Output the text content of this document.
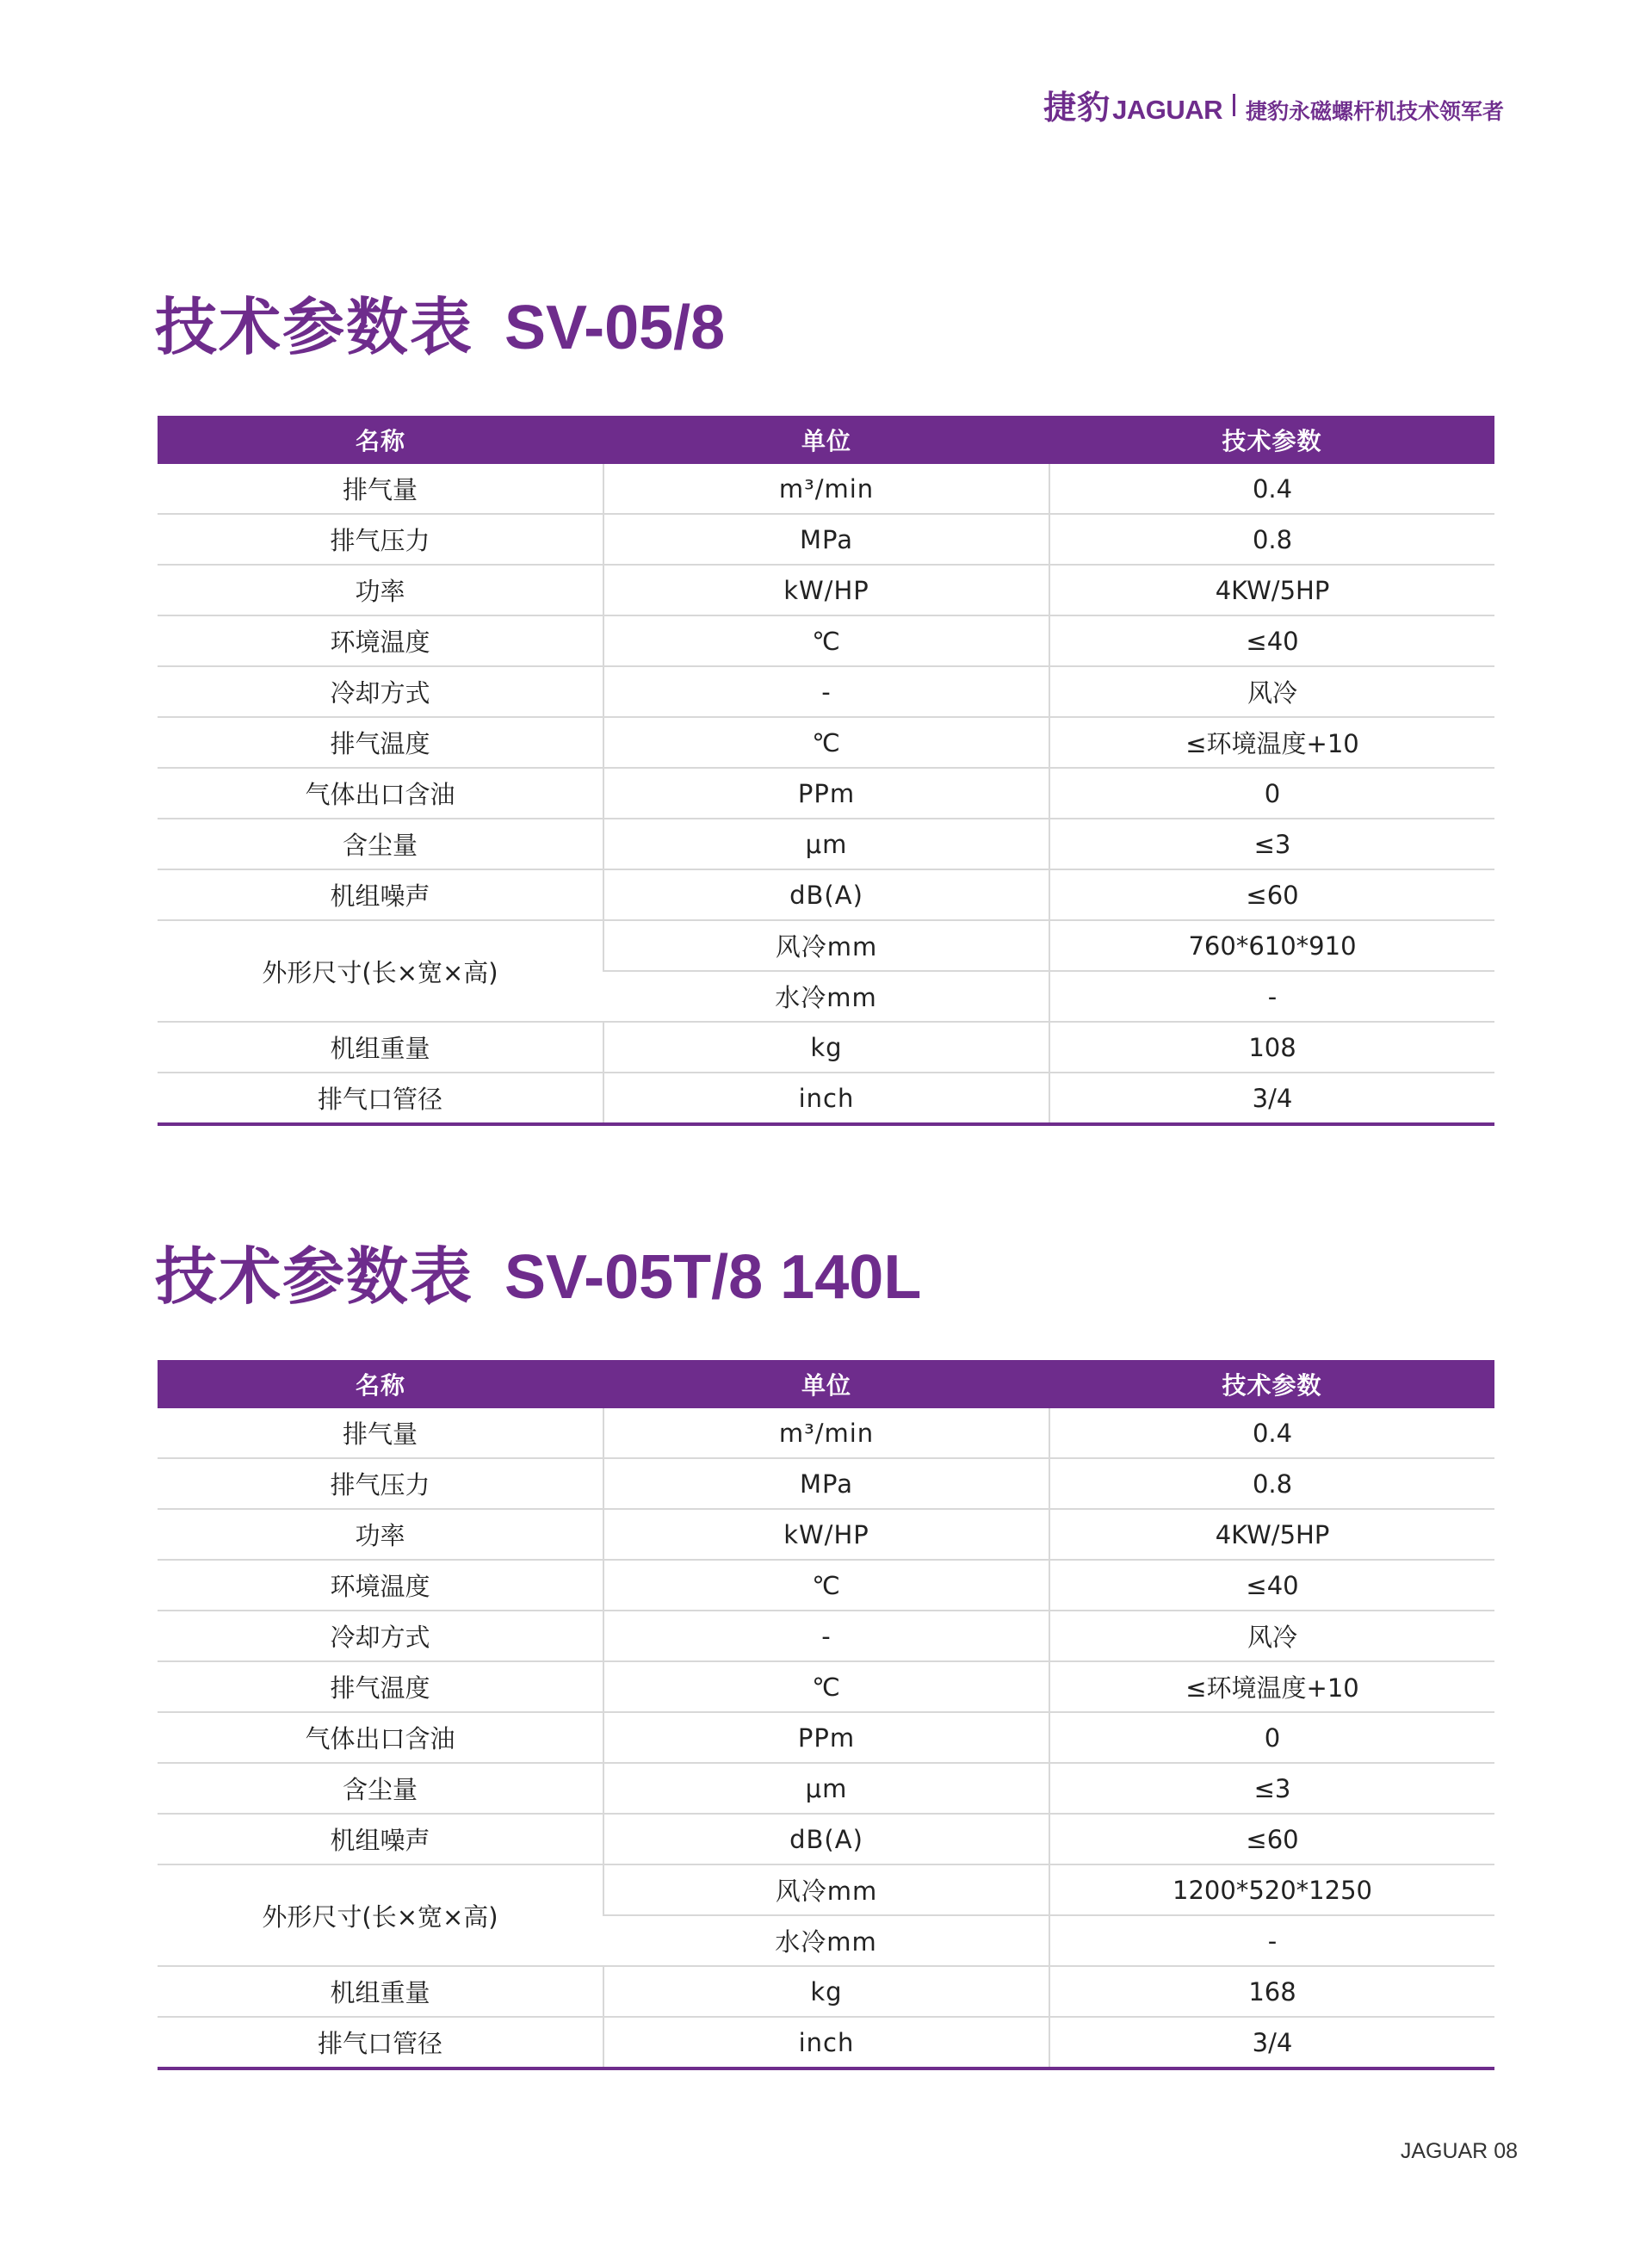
捷豹 JAGUAR 捷豹永磁螺杆机技术领军者
技术参数表 SV-05/8
名称	单位	技术参数
排气量	m³/min	0.4
排气压力	MPa	0.8
功率	kW/HP	4KW/5HP
环境温度	℃	≤40
冷却方式	-	风冷
排气温度	℃	≤环境温度+10
气体出口含油	PPm	0
含尘量	μm	≤3
机组噪声	dB(A)	≤60
外形尺寸(长×宽×高)	风冷mm	760*610*910
	水冷mm	-
机组重量	kg	108
排气口管径	inch	3/4
技术参数表 SV-05T/8 140L
名称	单位	技术参数
排气量	m³/min	0.4
排气压力	MPa	0.8
功率	kW/HP	4KW/5HP
环境温度	℃	≤40
冷却方式	-	风冷
排气温度	℃	≤环境温度+10
气体出口含油	PPm	0
含尘量	μm	≤3
机组噪声	dB(A)	≤60
外形尺寸(长×宽×高)	风冷mm	1200*520*1250
	水冷mm	-
机组重量	kg	168
排气口管径	inch	3/4
JAGUAR 08
